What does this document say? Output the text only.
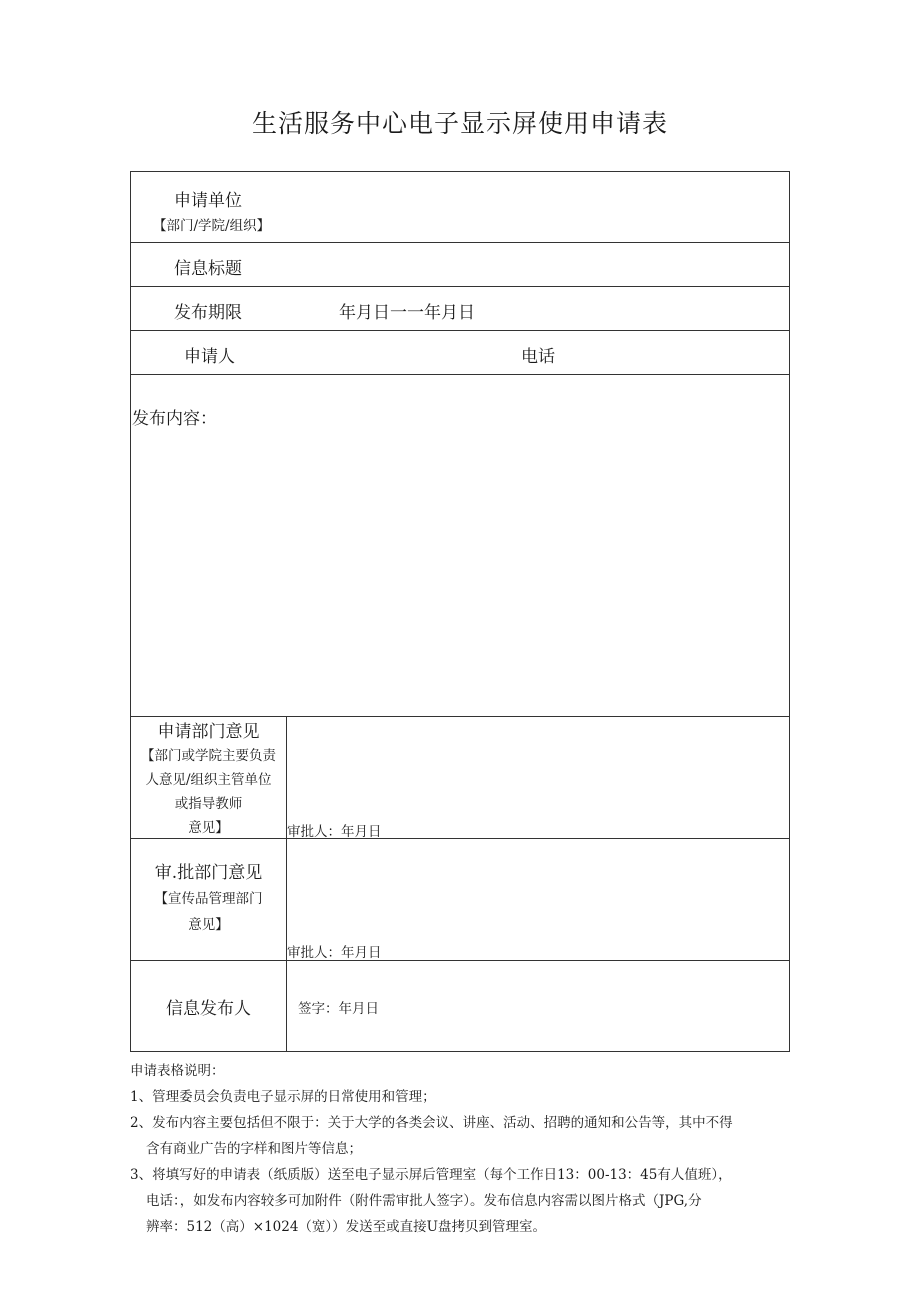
生活服务中心电子显示屏使用申请表
申请单位
【部门/学院/组织】
信息标题
发布期限	年月日一一年月日
申请人	电话
发布内容：
申请部门意见
【部门或学院主要负责
人意见/组织主管单位
或指导教师
意见】	审批人：年月日
审.批部门意见
【宣传品管理部门
意见】
审批人：年月日
信息发布人	签字：年月日
申请表格说明：
1、管理委员会负责电子显示屏的日常使用和管理；
2、发布内容主要包括但不限于：关于大学的各类会议、讲座、活动、招聘的通知和公告等，其中不得
含有商业广告的字样和图片等信息；
3、将填写好的申请表（纸质版）送至电子显示屏后管理室（每个工作日13：00-13：45有人值班），
电话：，如发布内容较多可加附件（附件需审批人签字）。发布信息内容需以图片格式（JPG,分
辨率：512（高）×1024（宽））发送至或直接U盘拷贝到管理室。
